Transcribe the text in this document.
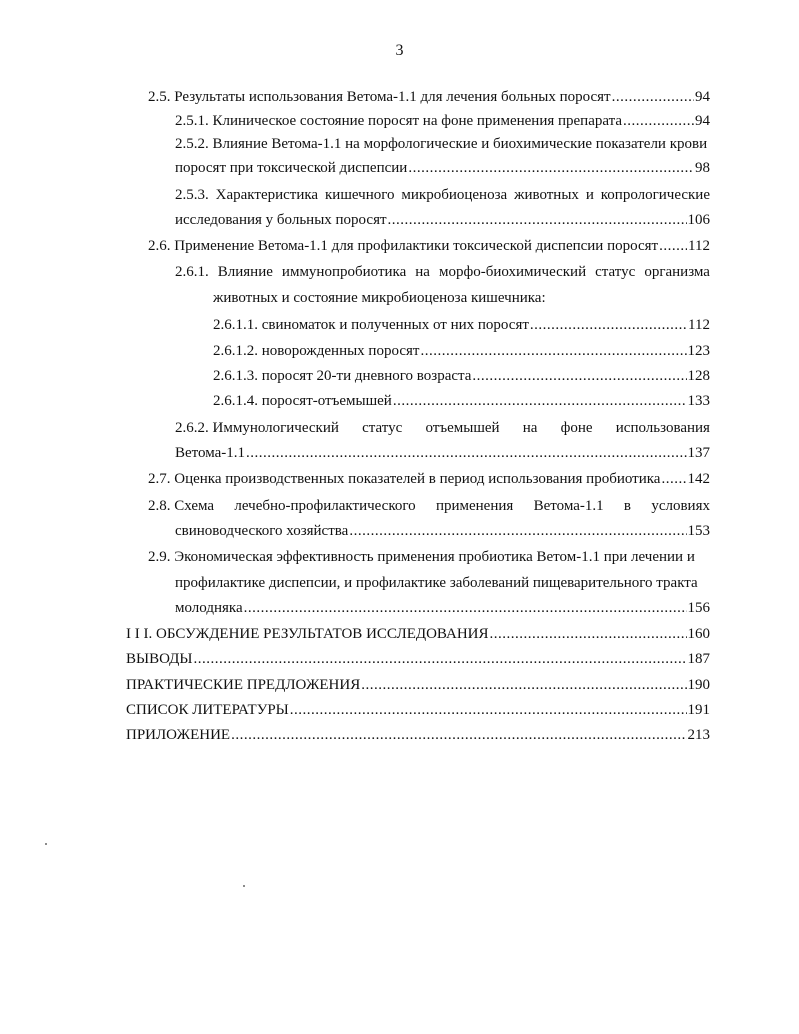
3
2.5. Результаты использования Ветома-1.1 для лечения больных поросят .....	94
2.5.1. Клиническое состояние поросят на фоне применения препарата .....	94
2.5.2. Влияние Ветома-1.1 на морфологические и биохимические показатели крови
поросят при токсической диспепсии .....	98
2.5.3. Характеристика кишечного микробиоценоза животных и копрологические
исследования у больных поросят .....	106
2.6. Применение Ветома-1.1 для профилактики токсической диспепсии поросят ..... 112
2.6.1. Влияние иммунопробиотика на морфо-биохимический статус организма
животных и состояние микробиоценоза кишечника:
2.6.1.1. свиноматок и полученных от них поросят .....	112
2.6.1.2. новорожденных поросят .....	123
2.6.1.3. поросят 20-ти дневного возраста .....	128
2.6.1.4. поросят-отъемышей .....	133
2.6.2. Иммунологический статус отъемышей на фоне использования
Ветома-1.1 .....	137
2.7. Оценка производственных показателей в период использования пробиотика ..... 142
2.8. Схема лечебно-профилактического применения Ветома-1.1 в условиях
свиноводческого хозяйства .....	153
2.9. Экономическая эффективность применения пробиотика Ветом-1.1 при лечении и
профилактике диспепсии, и профилактике заболеваний пищеварительного тракта
молодняка .....	156
I I I. ОБСУЖДЕНИЕ РЕЗУЛЬТАТОВ ИССЛЕДОВАНИЯ .....	160
ВЫВОДЫ .....	187
ПРАКТИЧЕСКИЕ ПРЕДЛОЖЕНИЯ .....	190
СПИСОК ЛИТЕРАТУРЫ .....	191
ПРИЛОЖЕНИЕ .....	213
